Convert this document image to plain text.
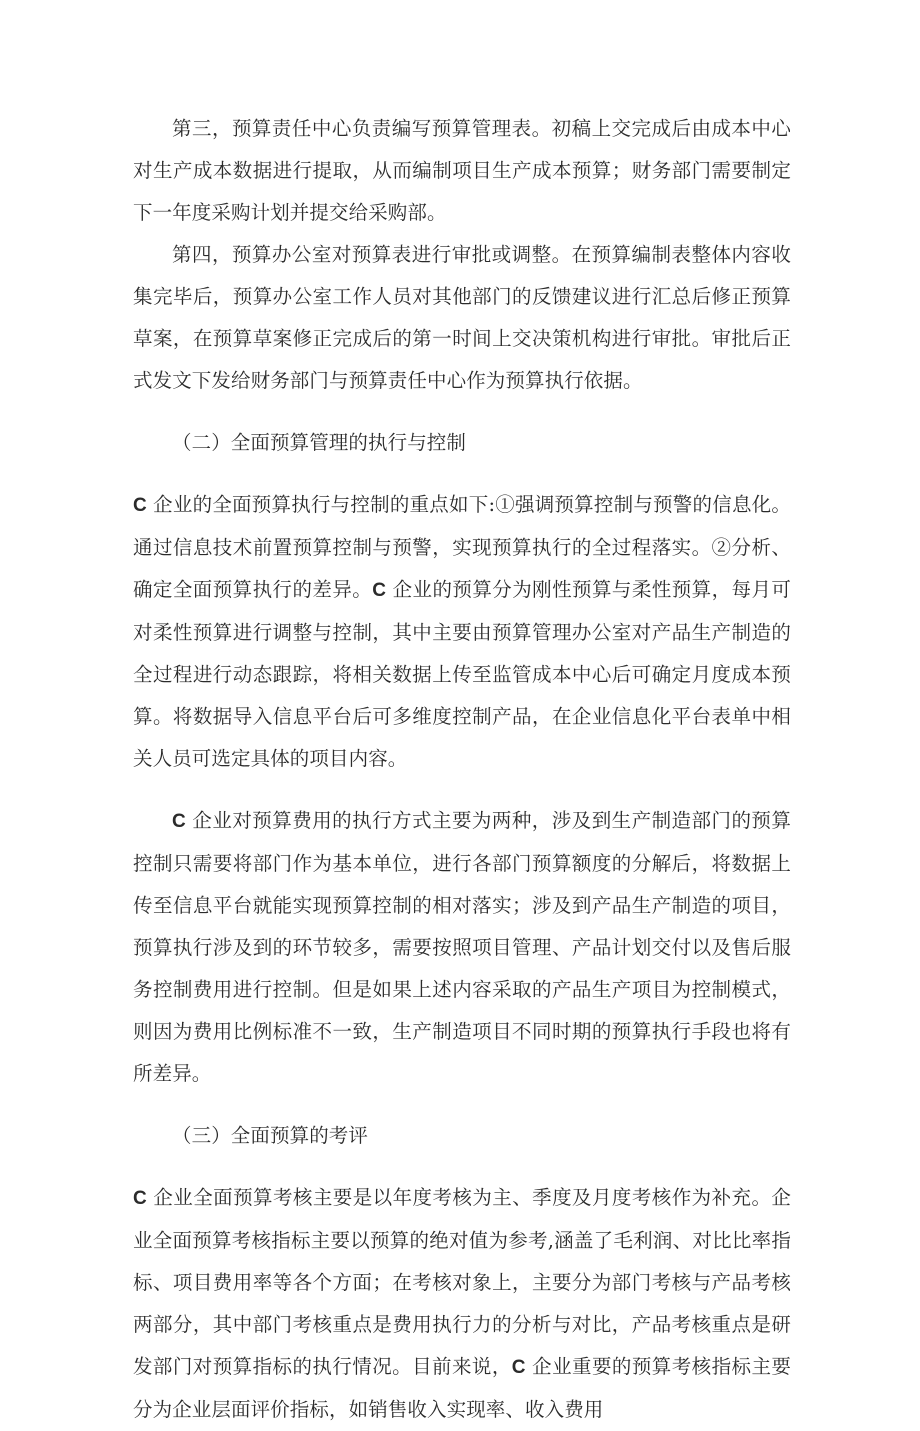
第三，预算责任中心负责编写预算管理表。初稿上交完成后由成本中心对生产成本数据进行提取，从而编制项目生产成本预算；财务部门需要制定下一年度采购计划并提交给采购部。

第四，预算办公室对预算表进行审批或调整。在预算编制表整体内容收集完毕后，预算办公室工作人员对其他部门的反馈建议进行汇总后修正预算草案，在预算草案修正完成后的第一时间上交决策机构进行审批。审批后正式发文下发给财务部门与预算责任中心作为预算执行依据。

（二）全面预算管理的执行与控制

C 企业的全面预算执行与控制的重点如下:①强调预算控制与预警的信息化。通过信息技术前置预算控制与预警，实现预算执行的全过程落实。②分析、确定全面预算执行的差异。C 企业的预算分为刚性预算与柔性预算，每月可对柔性预算进行调整与控制，其中主要由预算管理办公室对产品生产制造的全过程进行动态跟踪，将相关数据上传至监管成本中心后可确定月度成本预算。将数据导入信息平台后可多维度控制产品，在企业信息化平台表单中相关人员可选定具体的项目内容。

C 企业对预算费用的执行方式主要为两种，涉及到生产制造部门的预算控制只需要将部门作为基本单位，进行各部门预算额度的分解后，将数据上传至信息平台就能实现预算控制的相对落实；涉及到产品生产制造的项目，预算执行涉及到的环节较多，需要按照项目管理、产品计划交付以及售后服务控制费用进行控制。但是如果上述内容采取的产品生产项目为控制模式，则因为费用比例标准不一致，生产制造项目不同时期的预算执行手段也将有所差异。

（三）全面预算的考评

C 企业全面预算考核主要是以年度考核为主、季度及月度考核作为补充。企业全面预算考核指标主要以预算的绝对值为参考,涵盖了毛利润、对比比率指标、项目费用率等各个方面；在考核对象上，主要分为部门考核与产品考核两部分，其中部门考核重点是费用执行力的分析与对比，产品考核重点是研发部门对预算指标的执行情况。目前来说，C 企业重要的预算考核指标主要分为企业层面评价指标，如销售收入实现率、收入费用
